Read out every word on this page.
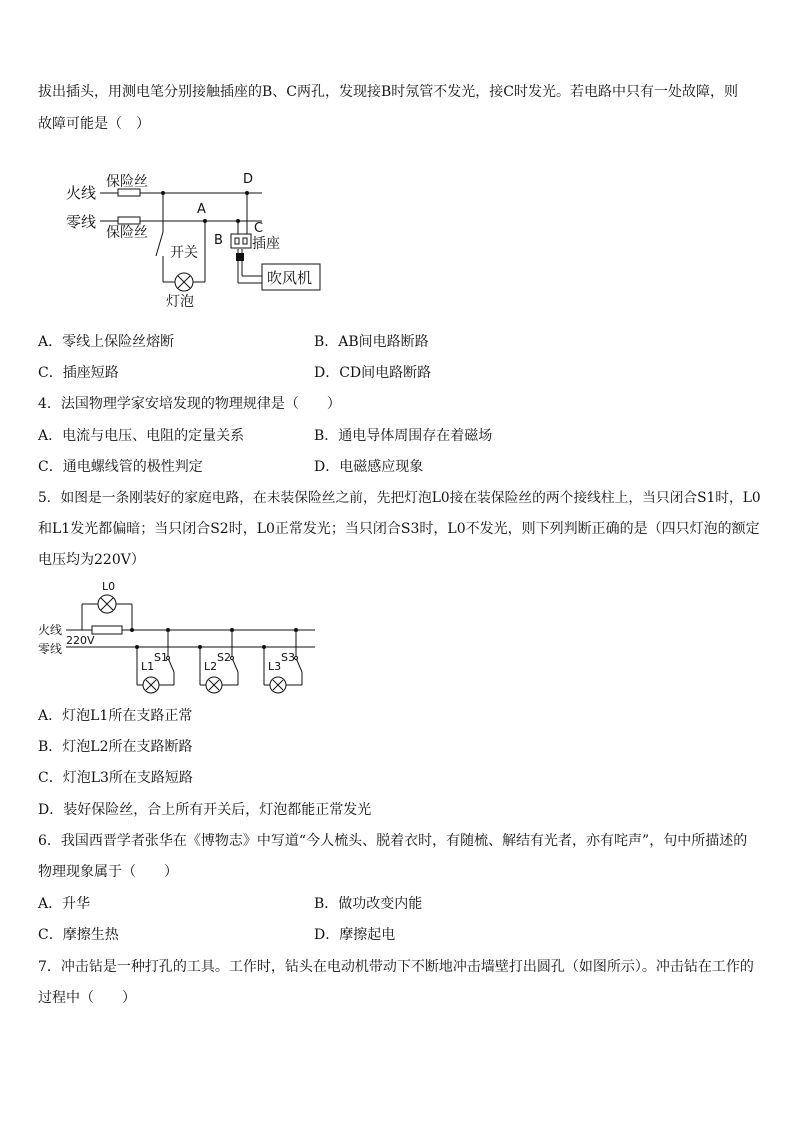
拔出插头，用测电笔分别接触插座的B、C两孔，发现接B时氖管不发光，接C时发光。若电路中只有一处故障，则
故障可能是（　）
火线
零线
保险丝
保险丝
D
A
B
C
开关
插座
灯泡
吹风机
A．零线上保险丝熔断	B．AB间电路断路
C．插座短路	D．CD间电路断路
4．法国物理学家安培发现的物理规律是（　　）
A．电流与电压、电阻的定量关系	B．通电导体周围存在着磁场
C．通电螺线管的极性判定	D．电磁感应现象
5．如图是一条刚装好的家庭电路，在未装保险丝之前，先把灯泡L0接在装保险丝的两个接线柱上，当只闭合S1时，L0
和L1发光都偏暗；当只闭合S2时，L0正常发光；当只闭合S3时，L0不发光，则下列判断正确的是（四只灯泡的额定
电压均为220V）
L0
火线
220V
零线
L1
S1
L2
S2
L3
S3
A．灯泡L1所在支路正常
B．灯泡L2所在支路断路
C．灯泡L3所在支路短路
D．装好保险丝，合上所有开关后，灯泡都能正常发光
6．我国西晋学者张华在《博物志》中写道“今人梳头、脱着衣时，有随梳、解结有光者，亦有咤声”，句中所描述的
物理现象属于（　　）
A．升华	B．做功改变内能
C．摩擦生热	D．摩擦起电
7．冲击钻是一种打孔的工具。工作时，钻头在电动机带动下不断地冲击墙壁打出圆孔（如图所示）。冲击钻在工作的
过程中（　　）
